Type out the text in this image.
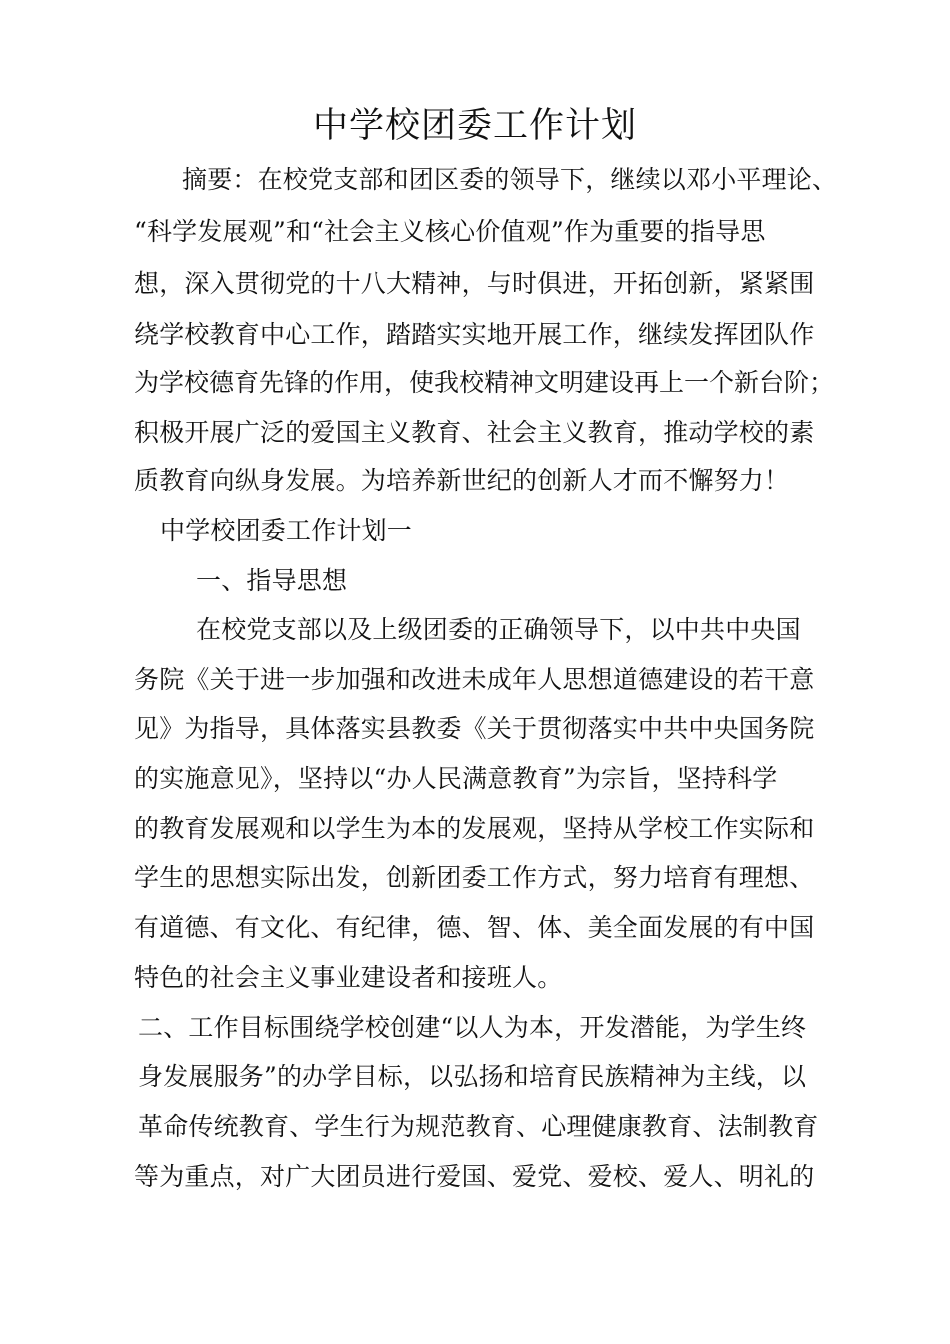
中学校团委工作计划
摘要：在校党支部和团区委的领导下，继续以邓小平理论、
“科学发展观”和“社会主义核心价值观”作为重要的指导思
想，深入贯彻党的十八大精神，与时俱进，开拓创新，紧紧围
绕学校教育中心工作，踏踏实实地开展工作，继续发挥团队作
为学校德育先锋的作用，使我校精神文明建设再上一个新台阶；
积极开展广泛的爱国主义教育、社会主义教育，推动学校的素
质教育向纵身发展。为培养新世纪的创新人才而不懈努力！
中学校团委工作计划一
一、指导思想
在校党支部以及上级团委的正确领导下，以中共中央国
务院《关于进一步加强和改进未成年人思想道德建设的若干意
见》为指导，具体落实县教委《关于贯彻落实中共中央国务院
的实施意见》，坚持以“办人民满意教育”为宗旨，坚持科学
的教育发展观和以学生为本的发展观，坚持从学校工作实际和
学生的思想实际出发，创新团委工作方式，努力培育有理想、
有道德、有文化、有纪律，德、智、体、美全面发展的有中国
特色的社会主义事业建设者和接班人。
二、工作目标围绕学校创建“以人为本，开发潜能，为学生终
身发展服务”的办学目标，以弘扬和培育民族精神为主线，以
革命传统教育、学生行为规范教育、心理健康教育、法制教育
等为重点，对广大团员进行爱国、爱党、爱校、爱人、明礼的
